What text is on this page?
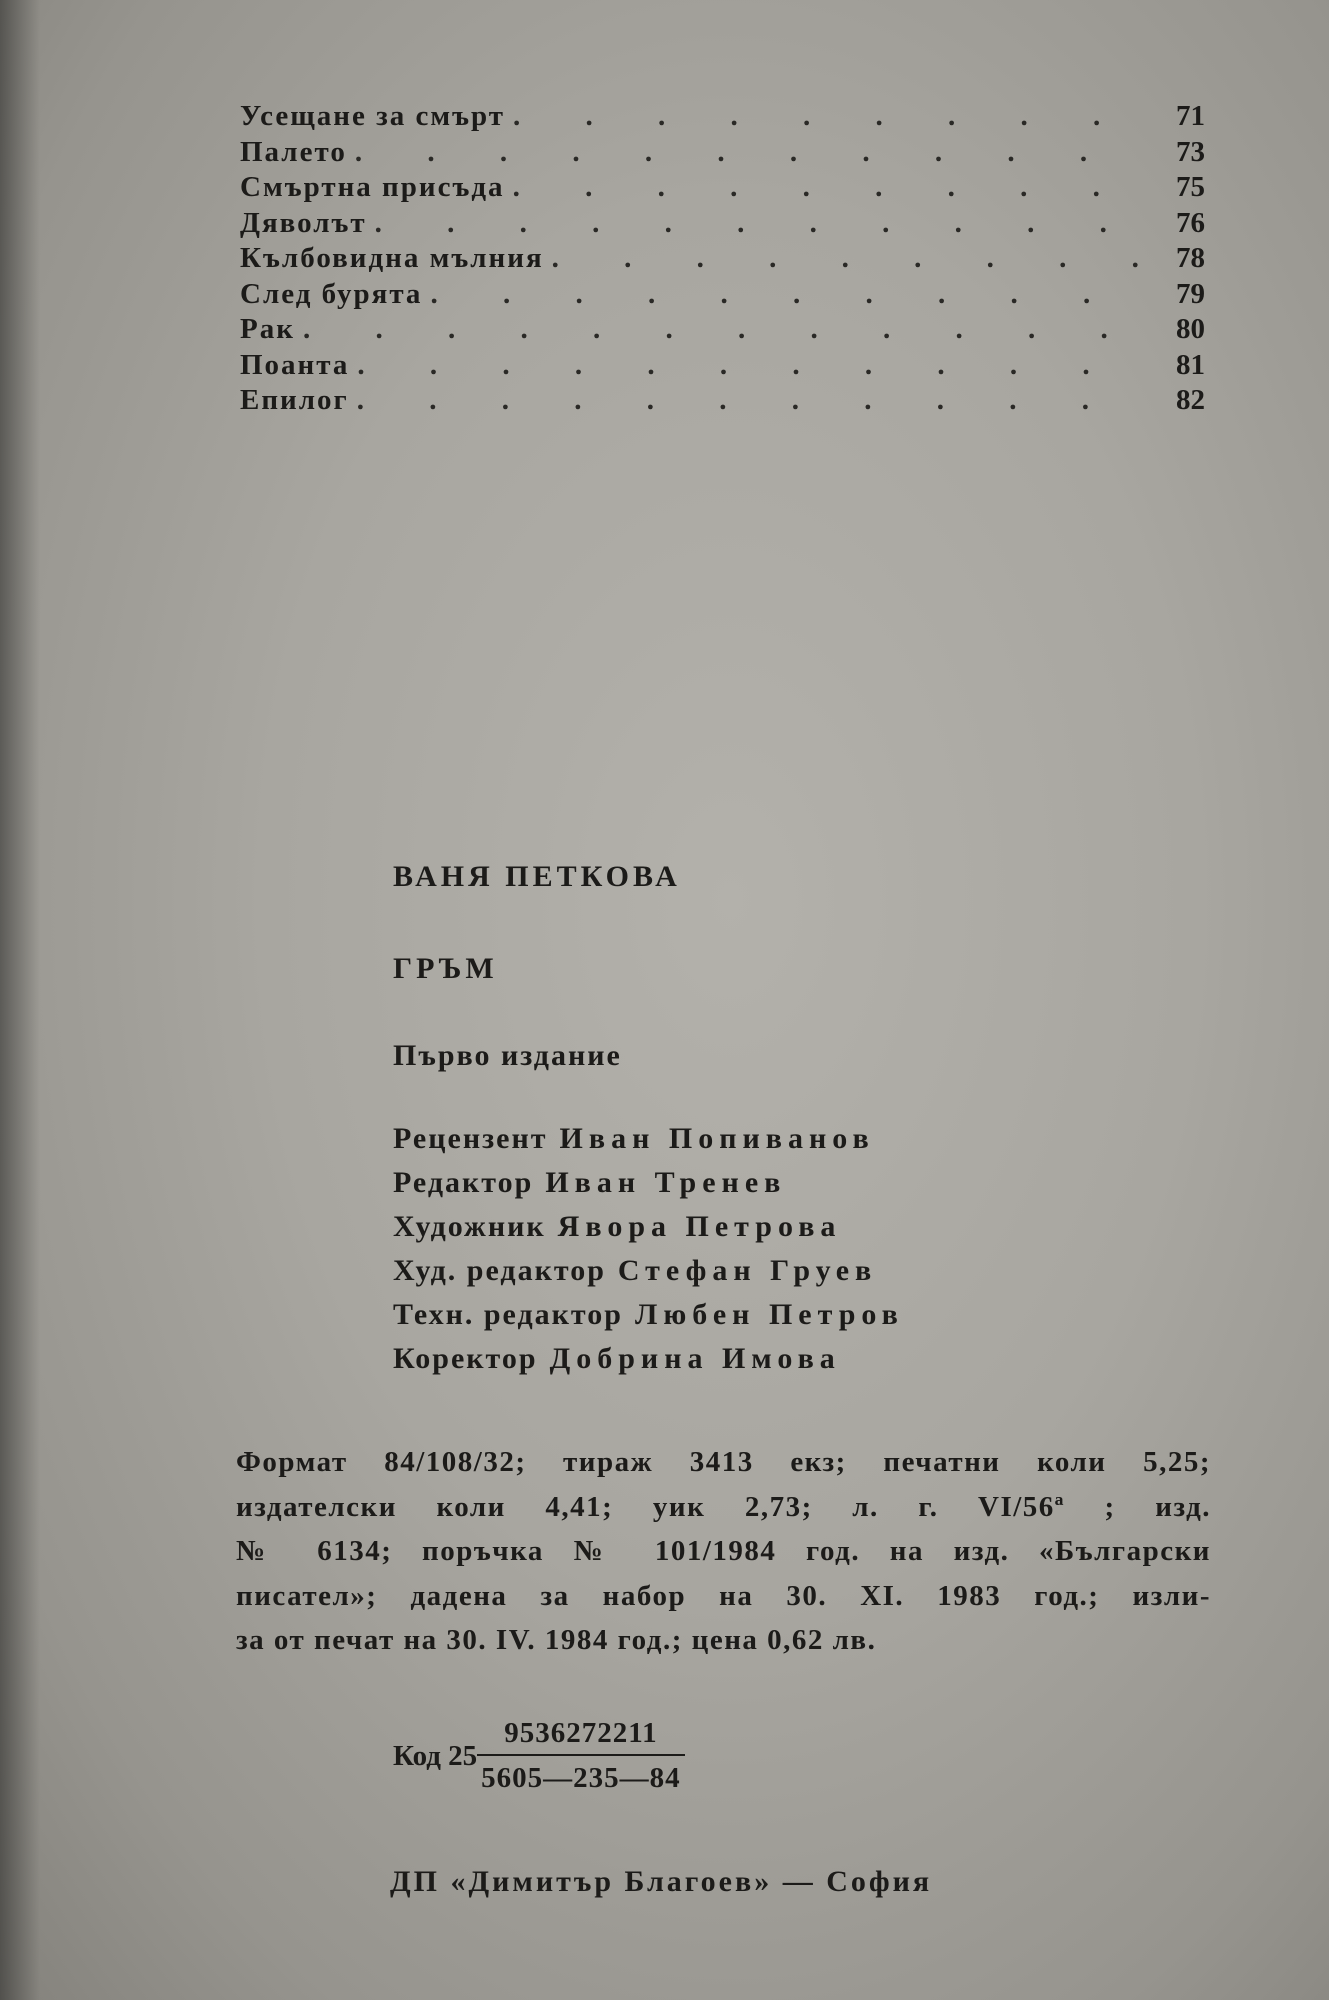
Усещане за смърт . . .	71
Палето . . .	73
Смъртна присъда . . .	75
Дяволът . . .	76
Кълбовидна мълния . . .	78
След бурята . . .	79
Рак . . .	80
Поанта . . .	81
Епилог . . .	82
ВАНЯ ПЕТКОВА
ГРЪМ
Първо издание
Рецензент Иван Попиванов
Редактор Иван Тренев
Художник Явора Петрова
Худ. редактор Стефан Груев
Техн. редактор Любен Петров
Коректор Добрина Имова
Формат 84/108/32; тираж 3413 екз; печатни коли 5,25;
издателски коли 4,41; уик 2,73; л. г. VI/56ª ; изд.
№ 6134; поръчка № 101/1984 год. на изд. «Български
писател»; дадена за набор на 30. XI. 1983 год.; изли-
за от печат на 30. IV. 1984 год.; цена 0,62 лв.
Код $25 \frac{9536272211}{5605—235—84}$
ДП «Димитър Благоев» — София
